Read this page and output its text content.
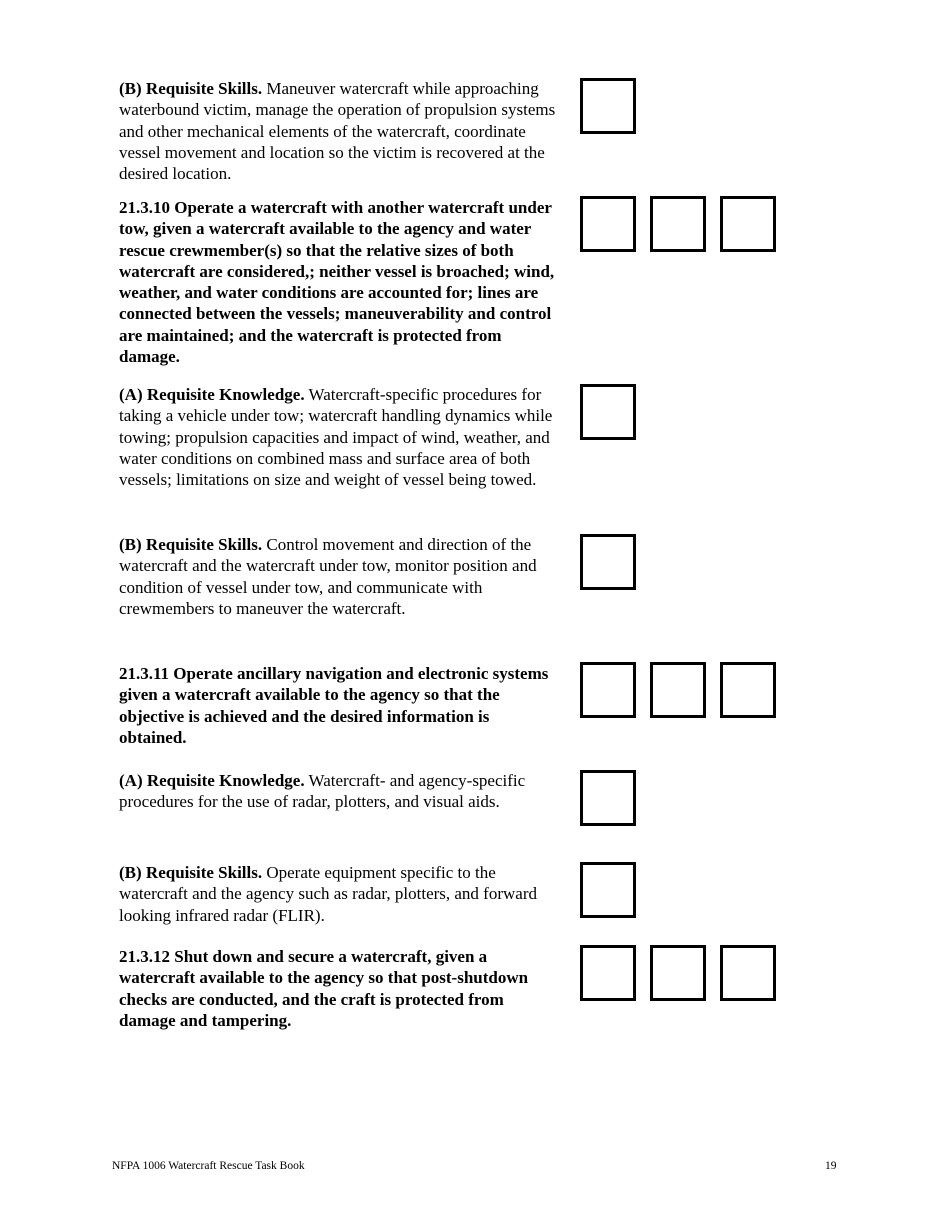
(B) Requisite Skills. Maneuver watercraft while approaching waterbound victim, manage the operation of propulsion systems and other mechanical elements of the watercraft, coordinate vessel movement and location so the victim is recovered at the desired location.
21.3.10 Operate a watercraft with another watercraft under tow, given a watercraft available to the agency and water rescue crewmember(s) so that the relative sizes of both watercraft are considered,; neither vessel is broached; wind, weather, and water conditions are accounted for; lines are connected between the vessels; maneuverability and control are maintained; and the watercraft is protected from damage.
(A) Requisite Knowledge. Watercraft-specific procedures for taking a vehicle under tow; watercraft handling dynamics while towing; propulsion capacities and impact of wind, weather, and water conditions on combined mass and surface area of both vessels; limitations on size and weight of vessel being towed.
(B) Requisite Skills. Control movement and direction of the watercraft and the watercraft under tow, monitor position and condition of vessel under tow, and communicate with crewmembers to maneuver the watercraft.
21.3.11 Operate ancillary navigation and electronic systems given a watercraft available to the agency so that the objective is achieved and the desired information is obtained.
(A) Requisite Knowledge. Watercraft- and agency-specific procedures for the use of radar, plotters, and visual aids.
(B) Requisite Skills. Operate equipment specific to the watercraft and the agency such as radar, plotters, and forward looking infrared radar (FLIR).
21.3.12 Shut down and secure a watercraft, given a watercraft available to the agency so that post-shutdown checks are conducted, and the craft is protected from damage and tampering.
NFPA 1006 Watercraft Rescue Task Book	19
